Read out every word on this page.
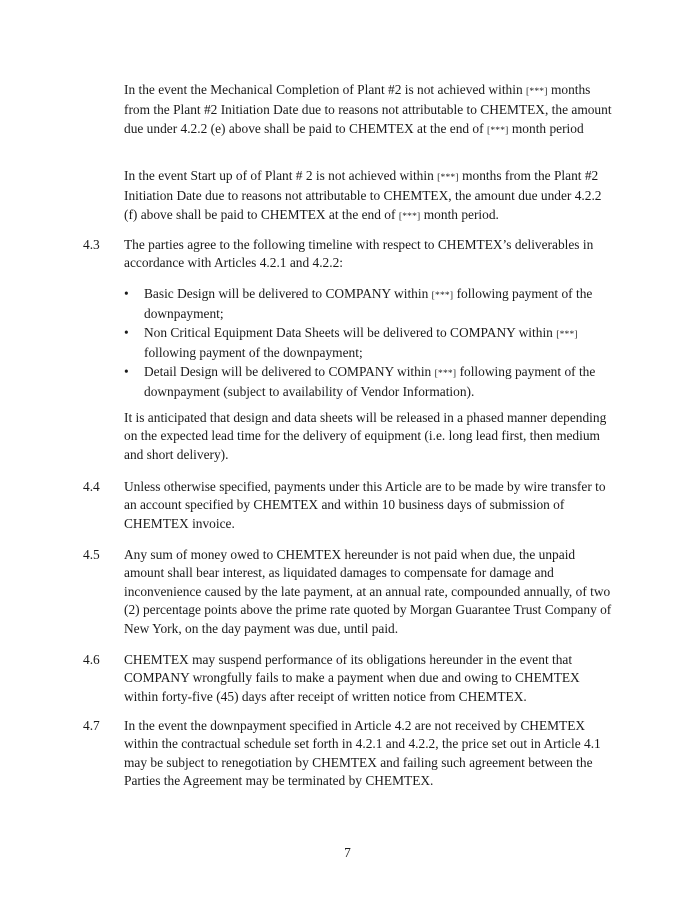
In the event the Mechanical Completion of Plant #2 is not achieved within [***] months from the Plant #2 Initiation Date due to reasons not attributable to CHEMTEX, the amount due under 4.2.2 (e) above shall be paid to CHEMTEX at the end of [***] month period

In the event Start up of of Plant # 2 is not achieved within [***] months from the Plant #2 Initiation Date due to reasons not attributable to CHEMTEX, the amount due under 4.2.2 (f) above shall be paid to CHEMTEX at the end of [***] month period.

4.3 The parties agree to the following timeline with respect to CHEMTEX’s deliverables in accordance with Articles 4.2.1 and 4.2.2:

• Basic Design will be delivered to COMPANY within [***] following payment of the downpayment;
• Non Critical Equipment Data Sheets will be delivered to COMPANY within [***] following payment of the downpayment;
• Detail Design will be delivered to COMPANY within [***] following payment of the downpayment (subject to availability of Vendor Information).

It is anticipated that design and data sheets will be released in a phased manner depending on the expected lead time for the delivery of equipment (i.e. long lead first, then medium and short delivery).

4.4 Unless otherwise specified, payments under this Article are to be made by wire transfer to an account specified by CHEMTEX and within 10 business days of submission of CHEMTEX invoice.

4.5 Any sum of money owed to CHEMTEX hereunder is not paid when due, the unpaid amount shall bear interest, as liquidated damages to compensate for damage and inconvenience caused by the late payment, at an annual rate, compounded annually, of two (2) percentage points above the prime rate quoted by Morgan Guarantee Trust Company of New York, on the day payment was due, until paid.

4.6 CHEMTEX may suspend performance of its obligations hereunder in the event that COMPANY wrongfully fails to make a payment when due and owing to CHEMTEX within forty-five (45) days after receipt of written notice from CHEMTEX.

4.7 In the event the downpayment specified in Article 4.2 are not received by CHEMTEX within the contractual schedule set forth in 4.2.1 and 4.2.2, the price set out in Article 4.1 may be subject to renegotiation by CHEMTEX and failing such agreement between the Parties the Agreement may be terminated by CHEMTEX.

7
